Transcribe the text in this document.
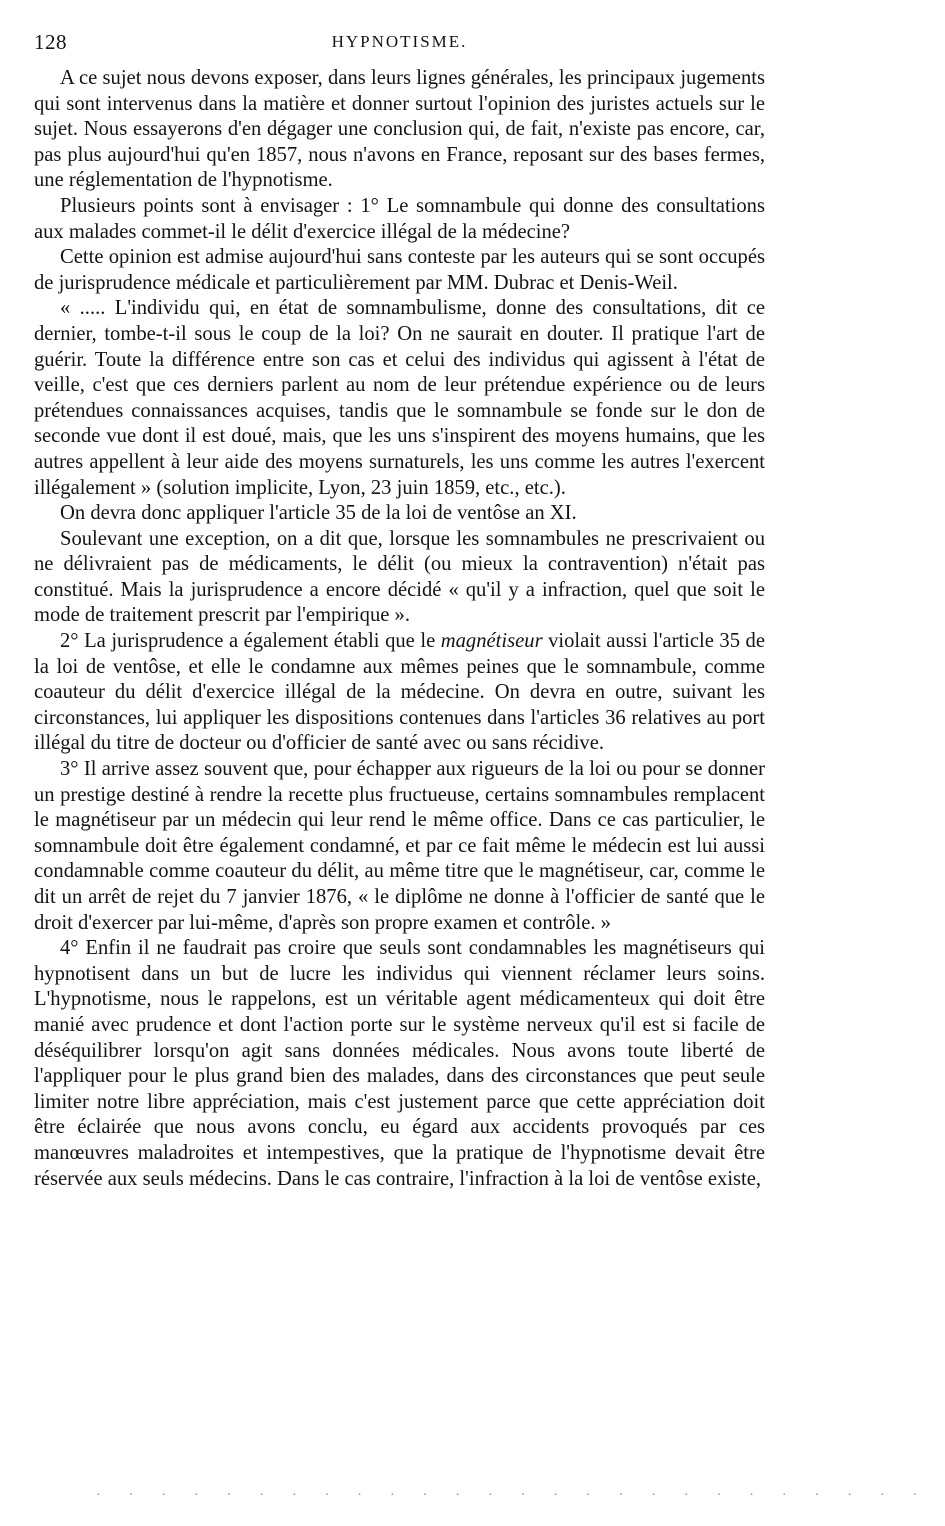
128	HYPNOTISME.

A ce sujet nous devons exposer, dans leurs lignes générales, les principaux jugements qui sont intervenus dans la matière et donner surtout l'opinion des juristes actuels sur le sujet. Nous essayerons d'en dégager une conclusion qui, de fait, n'existe pas encore, car, pas plus aujourd'hui qu'en 1857, nous n'avons en France, reposant sur des bases fermes, une réglementation de l'hypnotisme.

Plusieurs points sont à envisager : 1° Le somnambule qui donne des consultations aux malades commet-il le délit d'exercice illégal de la médecine?

Cette opinion est admise aujourd'hui sans conteste par les auteurs qui se sont occupés de jurisprudence médicale et particulièrement par MM. Dubrac et Denis-Weil.

« ..... L'individu qui, en état de somnambulisme, donne des consultations, dit ce dernier, tombe-t-il sous le coup de la loi? On ne saurait en douter. Il pratique l'art de guérir. Toute la différence entre son cas et celui des individus qui agissent à l'état de veille, c'est que ces derniers parlent au nom de leur prétendue expérience ou de leurs prétendues connaissances acquises, tandis que le somnambule se fonde sur le don de seconde vue dont il est doué, mais, que les uns s'inspirent des moyens humains, que les autres appellent à leur aide des moyens surnaturels, les uns comme les autres l'exercent illégalement » (solution implicite, Lyon, 23 juin 1859, etc., etc.).

On devra donc appliquer l'article 35 de la loi de ventôse an XI.

Soulevant une exception, on a dit que, lorsque les somnambules ne prescrivaient ou ne délivraient pas de médicaments, le délit (ou mieux la contravention) n'était pas constitué. Mais la jurisprudence a encore décidé « qu'il y a infraction, quel que soit le mode de traitement prescrit par l'empirique ».

2° La jurisprudence a également établi que le magnétiseur violait aussi l'article 35 de la loi de ventôse, et elle le condamne aux mêmes peines que le somnambule, comme coauteur du délit d'exercice illégal de la médecine. On devra en outre, suivant les circonstances, lui appliquer les dispositions contenues dans l'articles 36 relatives au port illégal du titre de docteur ou d'officier de santé avec ou sans récidive.

3° Il arrive assez souvent que, pour échapper aux rigueurs de la loi ou pour se donner un prestige destiné à rendre la recette plus fructueuse, certains somnambules remplacent le magnétiseur par un médecin qui leur rend le même office. Dans ce cas particulier, le somnambule doit être également condamné, et par ce fait même le médecin est lui aussi condamnable comme coauteur du délit, au même titre que le magnétiseur, car, comme le dit un arrêt de rejet du 7 janvier 1876, « le diplôme ne donne à l'officier de santé que le droit d'exercer par lui-même, d'après son propre examen et contrôle. »

4° Enfin il ne faudrait pas croire que seuls sont condamnables les magnétiseurs qui hypnotisent dans un but de lucre les individus qui viennent réclamer leurs soins. L'hypnotisme, nous le rappelons, est un véritable agent médicamenteux qui doit être manié avec prudence et dont l'action porte sur le système nerveux qu'il est si facile de déséquilibrer lorsqu'on agit sans données médicales. Nous avons toute liberté de l'appliquer pour le plus grand bien des malades, dans des circonstances que peut seule limiter notre libre appréciation, mais c'est justement parce que cette appréciation doit être éclairée que nous avons conclu, eu égard aux accidents provoqués par ces manœuvres maladroites et intempestives, que la pratique de l'hypnotisme devait être réservée aux seuls médecins. Dans le cas contraire, l'infraction à la loi de ventôse existe,

··························
